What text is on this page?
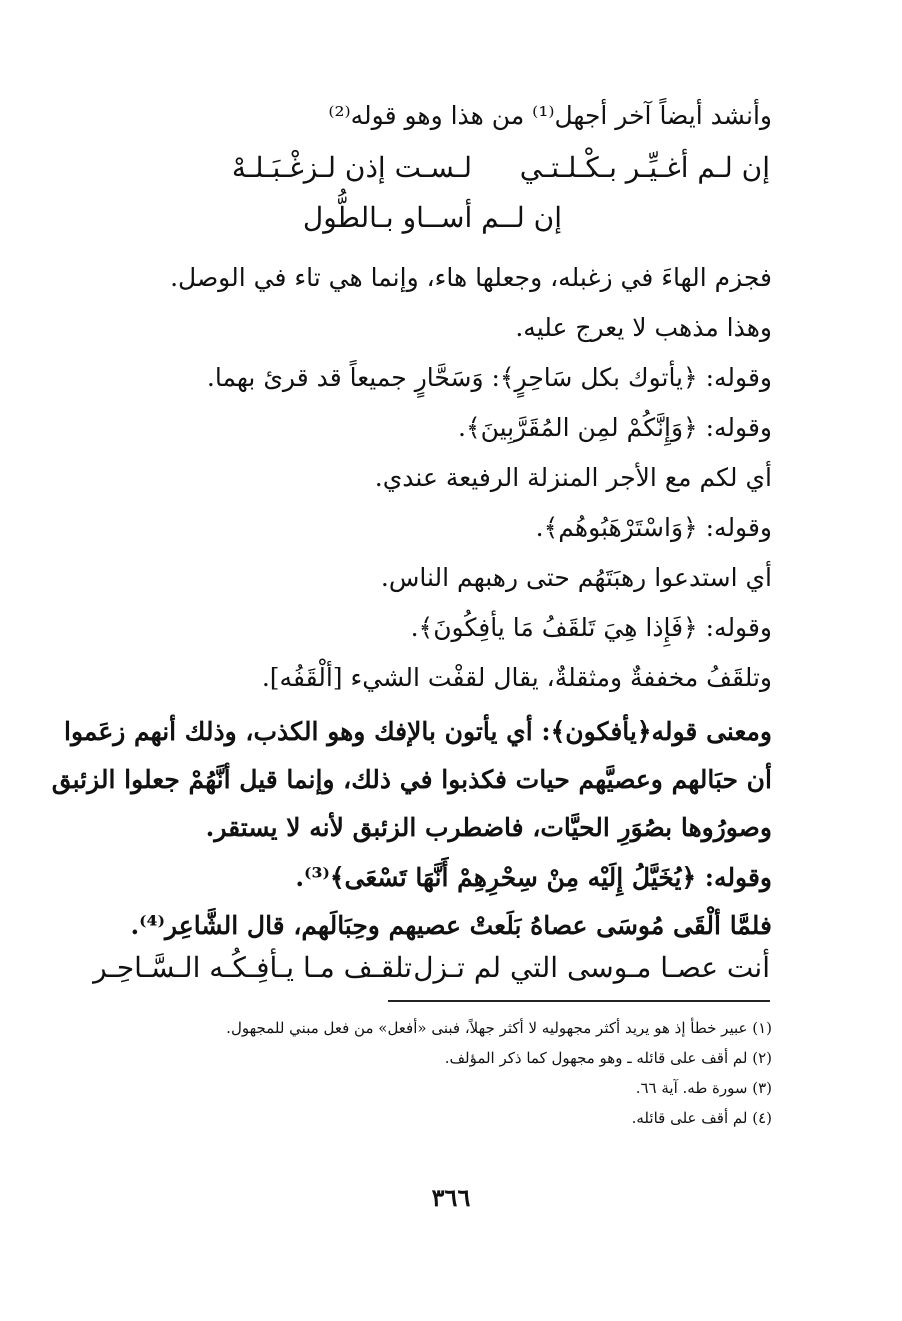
وأنشد أيضاً آخر أجهل⁽¹⁾ من هذا وهو قوله⁽²⁾
إن لـم أغـيِّـر بـكْـلـتـي
لـسـت إذن لـزغْـبَـلـهْ
إن لــم أســاو بـالطُّول
فجزم الهاءَ في زغبله، وجعلها هاء، وإنما هي تاء في الوصل.
وهذا مذهب لا يعرج عليه.
وقوله: ﴿يأتوك بكل سَاحِرٍ﴾: وَسَحَّارٍ جميعاً قد قرئ بهما.
وقوله: ﴿وَإِنَّكُمْ لمِن المُقَرَّبِينَ﴾.
أي لكم مع الأجر المنزلة الرفيعة عندي.
وقوله: ﴿وَاسْتَرْهَبُوهُم﴾.
أي استدعوا رهبَتَهُم حتى رهبهم الناس.
وقوله: ﴿فَإِذا هِيَ تَلقَفُ مَا يأفِكُونَ﴾.
وتلقَفُ مخففةٌ ومثقلةٌ، يقال لقفْت الشيء [ألْقَفُه].
ومعنى قوله﴿يأفكون﴾: أي يأتون بالإفك وهو الكذب، وذلك أنهم زعَموا
أن حبَالهم وعصيَّهم حيات فكذبوا في ذلك، وإنما قيل أنَّهُمْ جعلوا الزئبق
وصورُوها بصُوَرِ الحيَّات، فاضطرب الزئبق لأنه لا يستقر.
وقوله: ﴿يُخَيَّلُ إِلَيْه مِنْ سِحْرِهِمْ أَنَّهَا تَسْعَى﴾⁽³⁾.
فلمَّا ألْقَى مُوسَى عصاهُ بَلَعتْ عصيهم وحِبَالَهم، قال الشَّاعِر⁽⁴⁾.
أنت عصـا مـوسى التي لم تـزل
تلقـف مـا يـأفِـكُـه الـسَّـاحِـر
(١) عبير خطأ إذ هو يريد أكثر مجهوليه لا أكثر جهلاً، فبنى «أفعل» من فعل مبني للمجهول.
(٢) لم أقف على قائله ـ وهو مجهول كما ذكر المؤلف.
(٣) سورة طه. آية ٦٦.
(٤) لم أقف على قائله.
٣٦٦
